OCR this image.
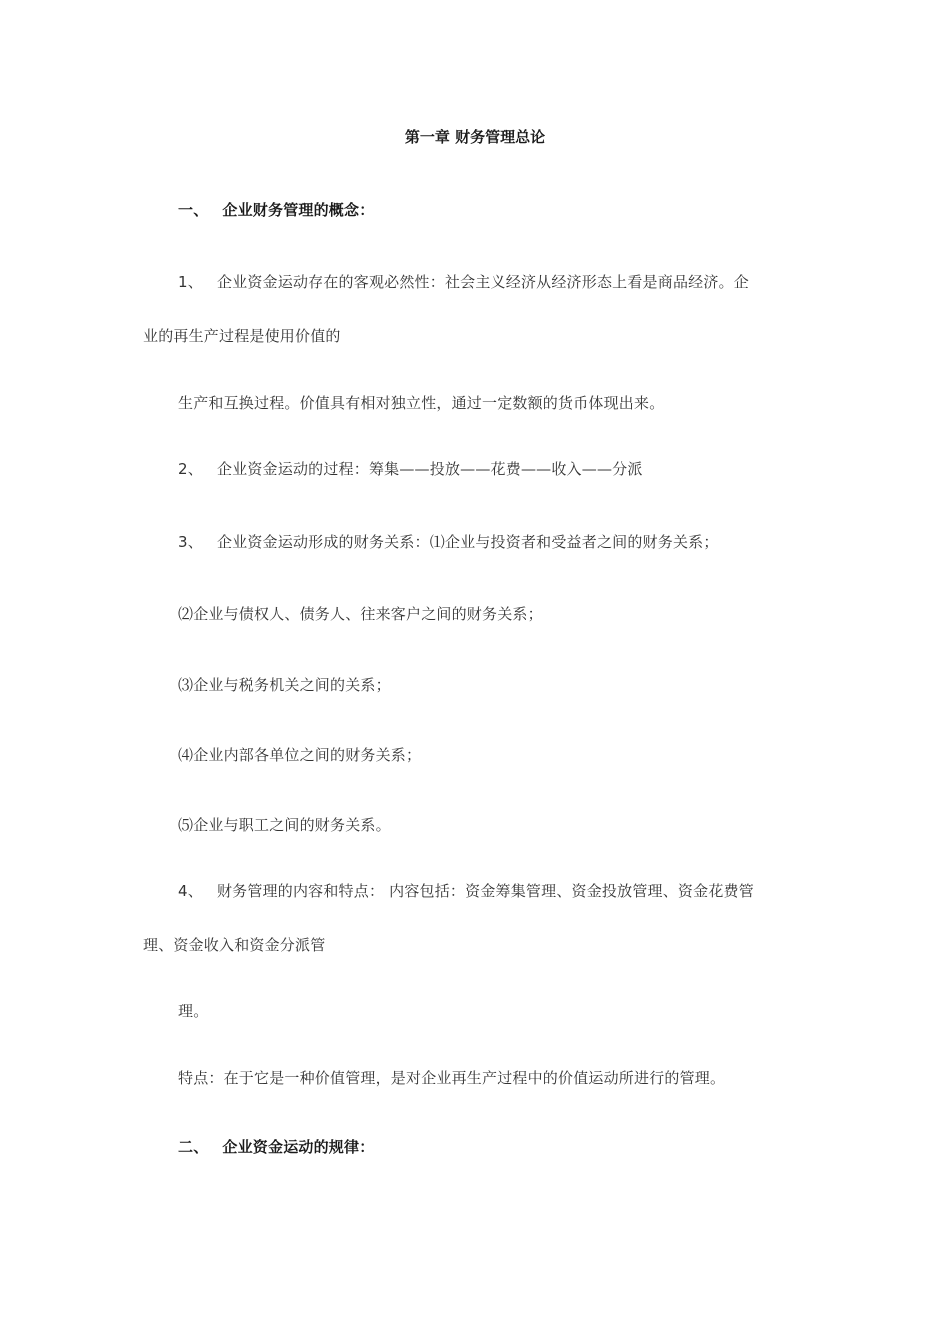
第一章 财务管理总论
一、 企业财务管理的概念：
1、 企业资金运动存在的客观必然性：社会主义经济从经济形态上看是商品经济。企
业的再生产过程是使用价值的
生产和互换过程。价值具有相对独立性，通过一定数额的货币体现出来。
2、 企业资金运动的过程：筹集——投放——花费——收入——分派
3、 企业资金运动形成的财务关系：⑴企业与投资者和受益者之间的财务关系；
⑵企业与债权人、债务人、往来客户之间的财务关系；
⑶企业与税务机关之间的关系；
⑷企业内部各单位之间的财务关系；
⑸企业与职工之间的财务关系。
4、 财务管理的内容和特点： 内容包括：资金筹集管理、资金投放管理、资金花费管
理、资金收入和资金分派管
理。
特点：在于它是一种价值管理，是对企业再生产过程中的价值运动所进行的管理。
二、 企业资金运动的规律：
